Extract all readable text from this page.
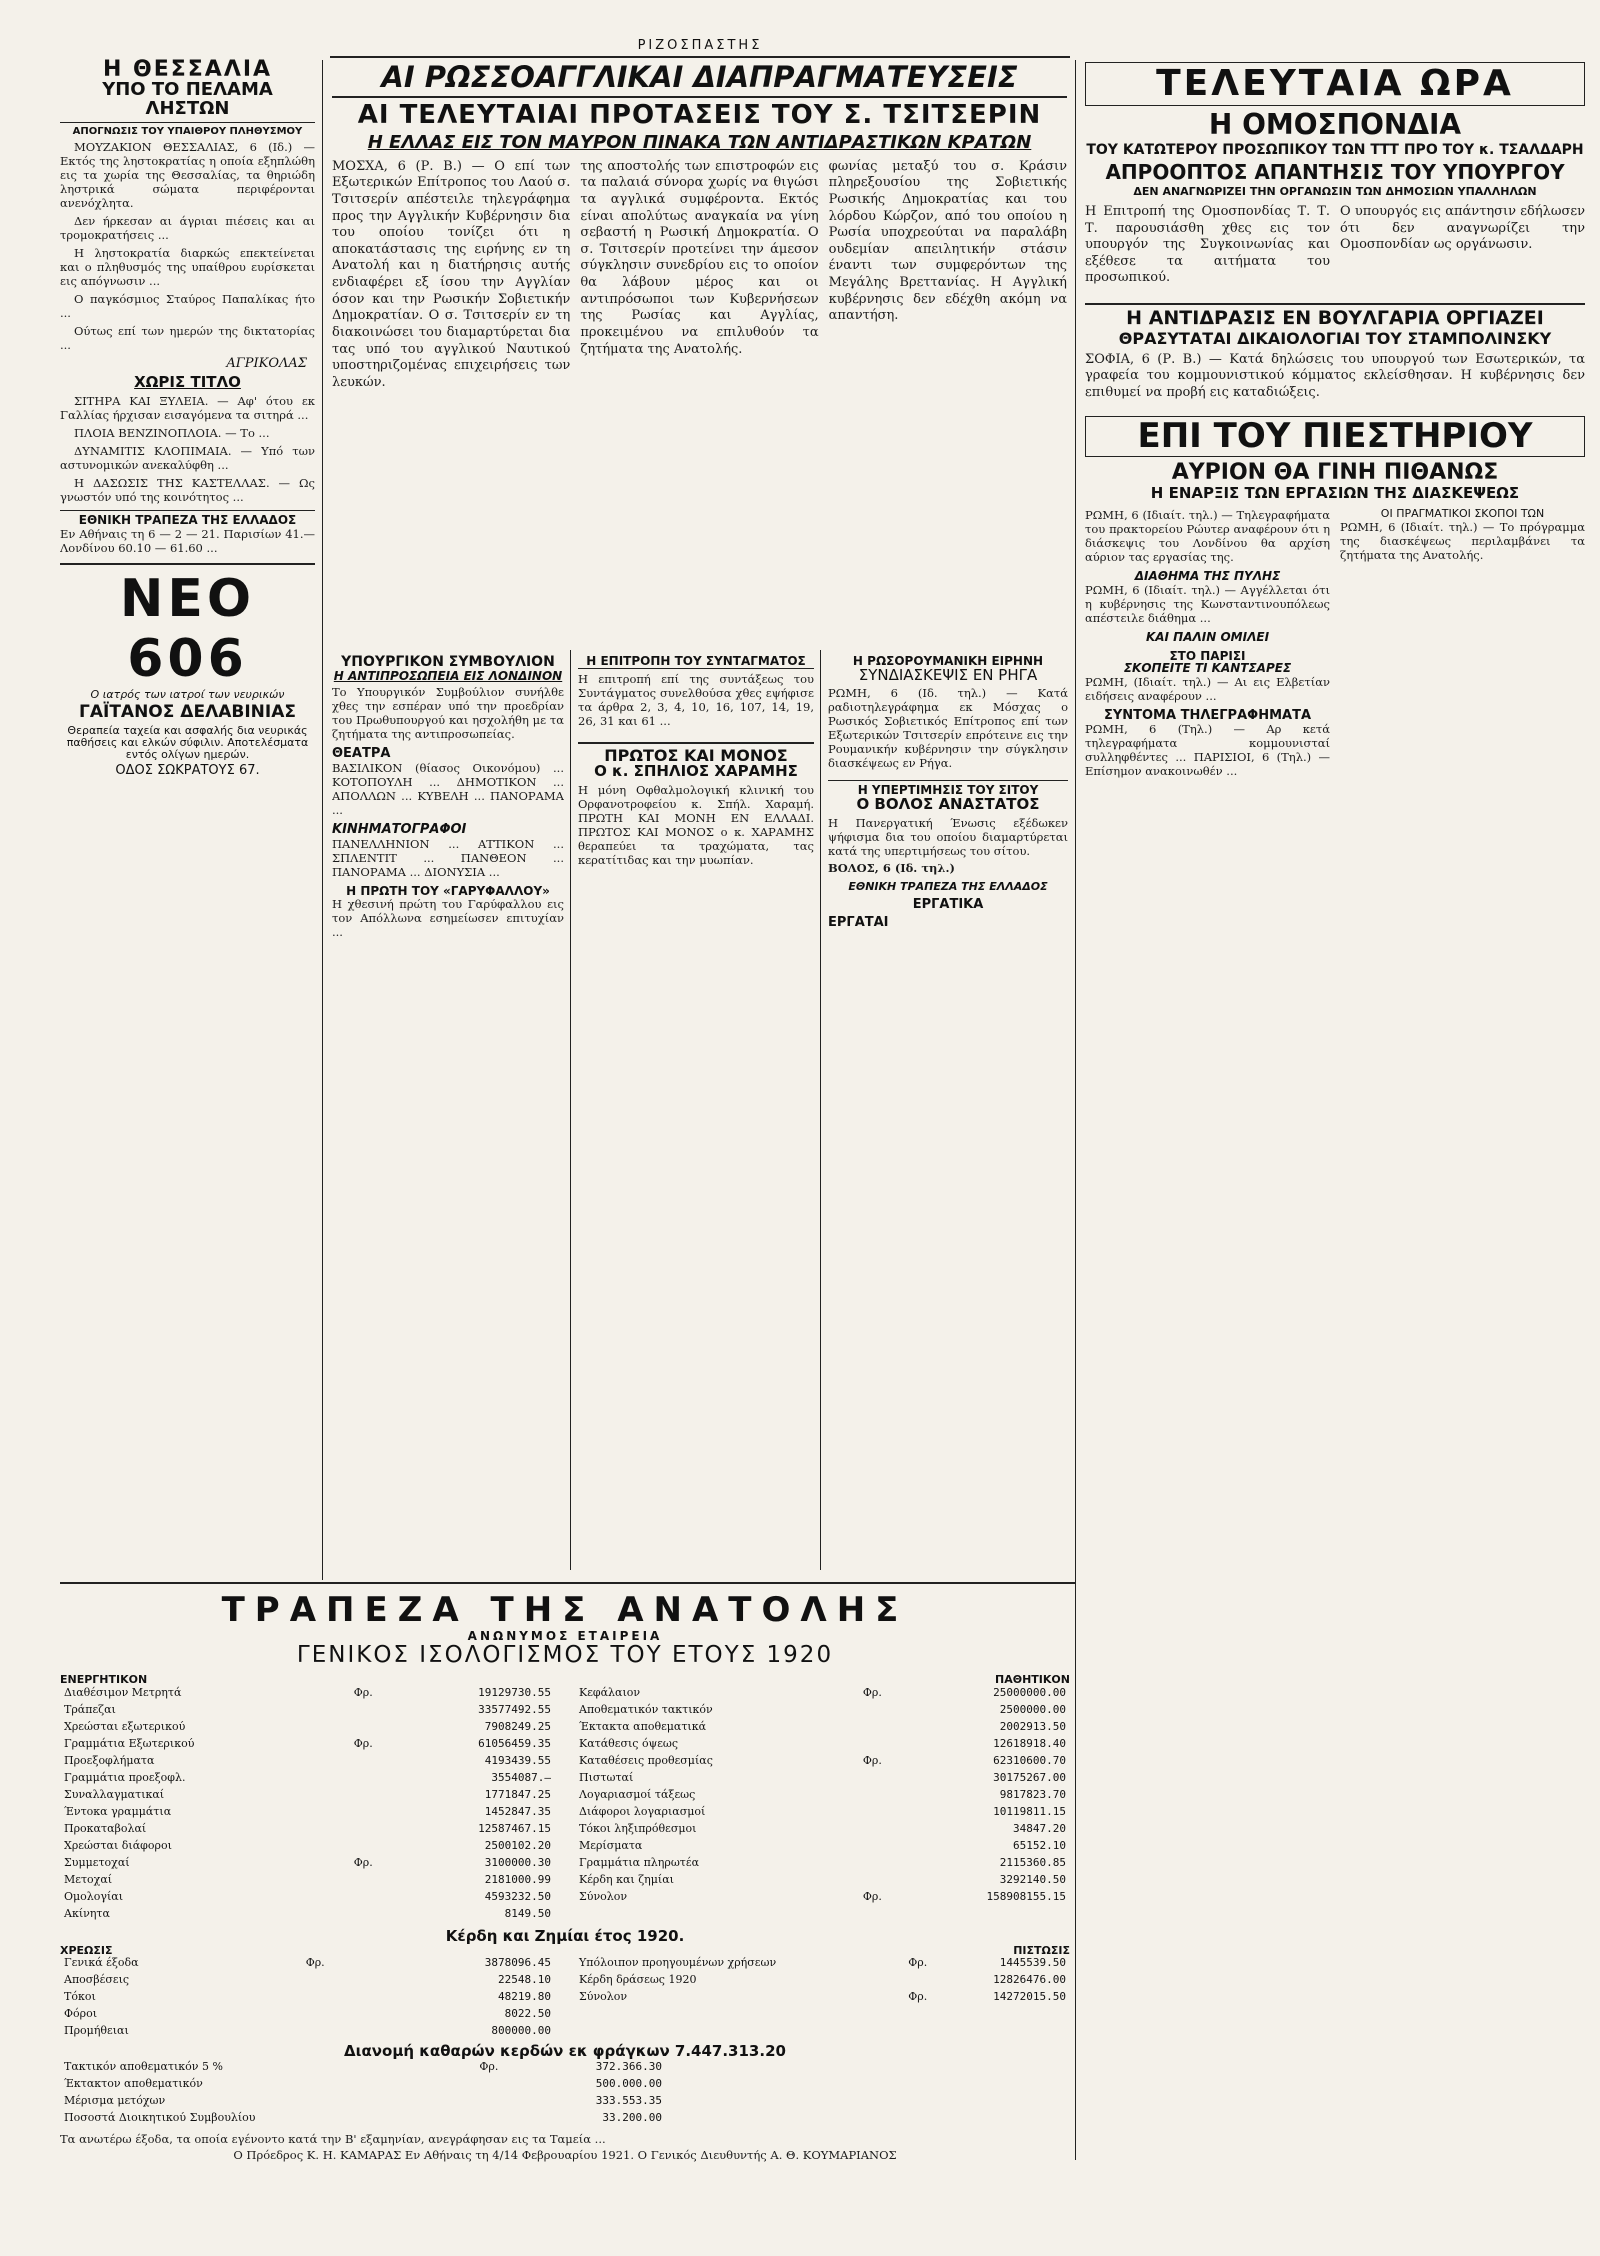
ΡΙΖΟΣΠΑΣΤΗΣ
Η ΘΕΣΣΑΛΙΑ
ΥΠΟ ΤΟ ΠΕΛΑΜΑ ΛΗΣΤΩΝ
ΑΠΟΓΝΩΣΙΣ ΤΟΥ ΥΠΑΙΘΡΟΥ ΠΛΗΘΥΣΜΟΥ

ΜΟΥΖΑΚΙΟΝ ΘΕΣΣΑΛΙΑΣ, 6 (Ιδ.) — Εκτός της ληστοκρατίας η οποία εξηπλώθη εις τα χωρία της Θεσσαλίας, τα θηριώδη ληστρικά σώματα περιφέρονται ανενόχλητα.

Δεν ήρκεσαν αι άγριαι πιέσεις και αι τρομοκρατήσεις ...

Η ληστοκρατία διαρκώς επεκτείνεται και ο πληθυσμός της υπαίθρου ευρίσκεται εις απόγνωσιν ...

Ο παγκόσμιος Σταύρος Παπαλίκας ήτο ...

Ούτως επί των ημερών της δικτατορίας ...

ΑΓΡΙΚΟΛΑΣ
ΧΩΡΙΣ ΤΙΤΛΟ

ΣΙΤΗΡΑ ΚΑΙ ΞΥΛΕΙΑ. — Αφ' ότου εκ Γαλλίας ήρχισαν εισαγόμενα τα σιτηρά ...

ΠΛΟΙΑ ΒΕΝΖΙΝΟΠΛΟΙΑ. — Το ...

ΔΥΝΑΜΙΤΙΣ ΚΛΟΠΙΜΑΙΑ. — Υπό των αστυνομικών ανεκαλύφθη ...

Η ΔΑΣΩΣΙΣ ΤΗΣ ΚΑΣΤΕΛΛΑΣ. — Ως γνωστόν υπό της κοινότητος ...

ΕΘΝΙΚΗ ΤΡΑΠΕΖΑ ΤΗΣ ΕΛΛΑΔΟΣ
Εν Αθήναις τη 6 — 2 — 21. Παρισίων 41.— Λονδίνου 60.10 — 61.60 ...
ΝΕΟ 606
Ο ιατρός των ιατροί των νευρικών
ΓΑΪΤΑΝΟΣ ΔΕΛΑΒΙΝΙΑΣ
Θεραπεία ταχεία και ασφαλής δια νευρικάς παθήσεις και ελκών σύφιλιν. Αποτελέσματα εντός ολίγων ημερών.
ΟΔΟΣ ΣΩΚΡΑΤΟΥΣ 67.
ΑΙ ΡΩΣΣΟΑΓΓΛΙΚΑΙ ΔΙΑΠΡΑΓΜΑΤΕΥΣΕΙΣ
ΑΙ ΤΕΛΕΥΤΑΙΑΙ ΠΡΟΤΑΣΕΙΣ ΤΟΥ Σ. ΤΣΙΤΣΕΡΙΝ
Η ΕΛΛΑΣ ΕΙΣ ΤΟΝ ΜΑΥΡΟΝ ΠΙΝΑΚΑ ΤΩΝ ΑΝΤΙΔΡΑΣΤΙΚΩΝ ΚΡΑΤΩΝ
ΜΟΣΧΑ, 6 (Ρ. Β.) — Ο επί των Εξωτερικών Επίτροπος του Λαού σ. Τσιτσερίν απέστειλε τηλεγράφημα προς την Αγγλικήν Κυβέρνησιν δια του οποίου τονίζει ότι η αποκατάστασις της ειρήνης εν τη Ανατολή και η διατήρησις αυτής ενδιαφέρει εξ ίσου την Αγγλίαν όσον και την Ρωσικήν Σοβιετικήν Δημοκρατίαν. Ο σ. Τσιτσερίν εν τη διακοινώσει του διαμαρτύρεται δια τας υπό του αγγλικού Ναυτικού υποστηριζομένας επιχειρήσεις των λευκών.
της αποστολής των επιστροφών εις τα παλαιά σύνορα χωρίς να θιγώσι τα αγγλικά συμφέροντα. Εκτός είναι απολύτως αναγκαία να γίνη σεβαστή η Ρωσική Δημοκρατία. Ο σ. Τσιτσερίν προτείνει την άμεσον σύγκλησιν συνεδρίου εις το οποίον θα λάβουν μέρος και οι αντιπρόσωποι των Κυβερνήσεων της Ρωσίας και Αγγλίας, προκειμένου να επιλυθούν τα ζητήματα της Ανατολής.
φωνίας μεταξύ του σ. Κράσιν πληρεξουσίου της Σοβιετικής Ρωσικής Δημοκρατίας και του λόρδου Κώρζον, από του οποίου η Ρωσία υποχρεούται να παραλάβη ουδεμίαν απειλητικήν στάσιν έναντι των συμφερόντων της Μεγάλης Βρεττανίας. Η Αγγλική κυβέρνησις δεν εδέχθη ακόμη να απαντήση.
ΥΠΟΥΡΓΙΚΟΝ ΣΥΜΒΟΥΛΙΟΝ
Η ΑΝΤΙΠΡΟΣΩΠΕΙΑ ΕΙΣ ΛΟΝΔΙΝΟΝ
Το Υπουργικόν Συμβούλιον συνήλθε χθες την εσπέραν υπό την προεδρίαν του Πρωθυπουργού και ησχολήθη με τα ζητήματα της αντιπροσωπείας.
ΘΕΑΤΡΑ
ΒΑΣΙΛΙΚΟΝ (θίασος Οικονόμου) ... ΚΟΤΟΠΟΥΛΗ ... ΔΗΜΟΤΙΚΟΝ ... ΑΠΟΛΛΩΝ ... ΚΥΒΕΛΗ ... ΠΑΝΟΡΑΜΑ ...
ΚΙΝΗΜΑΤΟΓΡΑΦΟΙ
ΠΑΝΕΛΛΗΝΙΟΝ ... ΑΤΤΙΚΟΝ ... ΣΠΛΕΝΤΙΤ ... ΠΑΝΘΕΟΝ ... ΠΑΝΟΡΑΜΑ ... ΔΙΟΝΥΣΙΑ ...
Η ΠΡΩΤΗ ΤΟΥ «ΓΑΡΥΦΑΛΛΟΥ»
Η χθεσινή πρώτη του Γαρύφαλλου εις τον Απόλλωνα εσημείωσεν επιτυχίαν ...
Η ΕΠΙΤΡΟΠΗ ΤΟΥ ΣΥΝΤΑΓΜΑΤΟΣ
Η επιτροπή επί της συντάξεως του Συντάγματος συνελθούσα χθες εψήφισε τα άρθρα 2, 3, 4, 10, 16, 107, 14, 19, 26, 31 και 61 ...
ΠΡΩΤΟΣ ΚΑΙ ΜΟΝΟΣ
Ο κ. ΣΠΗΛΙΟΣ ΧΑΡΑΜΗΣ
Η μόνη Οφθαλμολογική κλινική του Ορφανοτροφείου κ. Σπήλ. Χαραμή. ΠΡΩΤΗ ΚΑΙ ΜΟΝΗ ΕΝ ΕΛΛΑΔΙ. ΠΡΩΤΟΣ ΚΑΙ ΜΟΝΟΣ ο κ. ΧΑΡΑΜΗΣ θεραπεύει τα τραχώματα, τας κερατίτιδας και την μυωπίαν.
Η ΡΩΣΟΡΟΥΜΑΝΙΚΗ ΕΙΡΗΝΗ
ΣΥΝΔΙΑΣΚΕΨΙΣ ΕΝ ΡΗΓΑ
ΡΩΜΗ, 6 (Ιδ. τηλ.) — Κατά ραδιοτηλεγράφημα εκ Μόσχας ο Ρωσικός Σοβιετικός Επίτροπος επί των Εξωτερικών Τσιτσερίν επρότεινε εις την Ρουμανικήν κυβέρνησιν την σύγκλησιν διασκέψεως εν Ρήγα.
Η ΥΠΕΡΤΙΜΗΣΙΣ ΤΟΥ ΣΙΤΟΥ
Ο ΒΟΛΟΣ ΑΝΑΣΤΑΤΟΣ
Η Πανεργατική Ένωσις εξέδωκεν ψήφισμα δια του οποίου διαμαρτύρεται κατά της υπερτιμήσεως του σίτου.
ΒΟΛΟΣ, 6 (Ιδ. τηλ.)
ΕΘΝΙΚΗ ΤΡΑΠΕΖΑ ΤΗΣ ΕΛΛΑΔΟΣ
ΕΡΓΑΤΙΚΑ
ΕΡΓΑΤΑΙ
ΤΕΛΕΥΤΑΙΑ ΩΡΑ
Η ΟΜΟΣΠΟΝΔΙΑ
ΤΟΥ ΚΑΤΩΤΕΡΟΥ ΠΡΟΣΩΠΙΚΟΥ ΤΩΝ ΤΤΤ ΠΡΟ ΤΟΥ κ. ΤΣΑΛΔΑΡΗ
ΑΠΡΟΟΠΤΟΣ ΑΠΑΝΤΗΣΙΣ ΤΟΥ ΥΠΟΥΡΓΟΥ
ΔΕΝ ΑΝΑΓΝΩΡΙΖΕΙ ΤΗΝ ΟΡΓΑΝΩΣΙΝ ΤΩΝ ΔΗΜΟΣΙΩΝ ΥΠΑΛΛΗΛΩΝ
Η Επιτροπή της Ομοσπονδίας Τ. Τ. Τ. παρουσιάσθη χθες εις τον υπουργόν της Συγκοινωνίας και εξέθεσε τα αιτήματα του προσωπικού.
Ο υπουργός εις απάντησιν εδήλωσεν ότι δεν αναγνωρίζει την Ομοσπονδίαν ως οργάνωσιν.
Η ΑΝΤΙΔΡΑΣΙΣ ΕΝ ΒΟΥΛΓΑΡΙΑ ΟΡΓΙΑΖΕΙ
ΘΡΑΣΥΤΑΤΑΙ ΔΙΚΑΙΟΛΟΓΙΑΙ ΤΟΥ ΣΤΑΜΠΟΛΙΝΣΚΥ
ΣΟΦΙΑ, 6 (Ρ. Β.) — Κατά δηλώσεις του υπουργού των Εσωτερικών, τα γραφεία του κομμουνιστικού κόμματος εκλείσθησαν. Η κυβέρνησις δεν επιθυμεί να προβή εις καταδιώξεις.
ΕΠΙ ΤΟΥ ΠΙΕΣΤΗΡΙΟΥ
ΑΥΡΙΟΝ ΘΑ ΓΙΝΗ ΠΙΘΑΝΩΣ
Η ΕΝΑΡΞΙΣ ΤΩΝ ΕΡΓΑΣΙΩΝ ΤΗΣ ΔΙΑΣΚΕΨΕΩΣ
ΡΩΜΗ, 6 (Ιδιαίτ. τηλ.) — Τηλεγραφήματα του πρακτορείου Ρώυτερ αναφέρουν ότι η διάσκεψις του Λονδίνου θα αρχίση αύριον τας εργασίας της.
ΔΙΑΘΗΜΑ ΤΗΣ ΠΥΛΗΣ
ΡΩΜΗ, 6 (Ιδιαίτ. τηλ.) — Αγγέλλεται ότι η κυβέρνησις της Κωνσταντινουπόλεως απέστειλε διάθημα ...
ΚΑΙ ΠΑΛΙΝ ΟΜΙΛΕΙ
ΣΤΟ ΠΑΡΙΣΙ
ΣΚΟΠΕΙΤΕ ΤΙ ΚΑΝΤΣΑΡΕΣ
ΡΩΜΗ, (Ιδιαίτ. τηλ.) — Αι εις Ελβετίαν ειδήσεις αναφέρουν ...
ΣΥΝΤΟΜΑ ΤΗΛΕΓΡΑΦΗΜΑΤΑ
ΡΩΜΗ, 6 (Τηλ.) — Αρ κετά τηλεγραφήματα κομμουνισταί συλληφθέντες ... ΠΑΡΙΣΙΟΙ, 6 (Τηλ.) — Επίσημον ανακοινωθέν ...
ΟΙ ΠΡΑΓΜΑΤΙΚΟΙ ΣΚΟΠΟΙ ΤΩΝ
ΡΩΜΗ, 6 (Ιδιαίτ. τηλ.) — Το πρόγραμμα της διασκέψεως περιλαμβάνει τα ζητήματα της Ανατολής.
ΤΡΑΠΕΖΑ ΤΗΣ ΑΝΑΤΟΛΗΣ
ΑΝΩΝΥΜΟΣ ΕΤΑΙΡΕΙΑ
ΓΕΝΙΚΟΣ ΙΣΟΛΟΓΙΣΜΟΣ ΤΟΥ ΕΤΟΥΣ 1920
ΕΝΕΡΓΗΤΙΚΟΝ
Διαθέσιμον Μετρητά	Φρ.	19129730.55
Τράπεζαι		33577492.55
Χρεώσται εξωτερικού		7908249.25
Γραμμάτια Εξωτερικού	Φρ.	61056459.35
Προεξοφλήματα		4193439.55
Γραμμάτια προεξοφλ.		3554087.—
Συναλλαγματικαί		1771847.25
Έντοκα γραμμάτια		1452847.35
Προκαταβολαί		12587467.15
Χρεώσται διάφοροι		2500102.20
Συμμετοχαί	Φρ.	3100000.30
Μετοχαί		2181000.99
Ομολογίαι		4593232.50
Ακίνητα		8149.50
ΠΑΘΗΤΙΚΟΝ
Κεφάλαιον	Φρ.	25000000.00
Αποθεματικόν τακτικόν		2500000.00
Έκτακτα αποθεματικά		2002913.50
Κατάθεσις όψεως		12618918.40
Καταθέσεις προθεσμίας	Φρ.	62310600.70
Πιστωταί		30175267.00
Λογαριασμοί τάξεως		9817823.70
Διάφοροι λογαριασμοί		10119811.15
Τόκοι ληξιπρόθεσμοι		34847.20
Μερίσματα		65152.10
Γραμμάτια πληρωτέα		2115360.85
Κέρδη και ζημίαι		3292140.50
Σύνολον	Φρ.	158908155.15
Κέρδη και Ζημίαι έτος 1920.
ΧΡΕΩΣΙΣ
Γενικά έξοδα	Φρ.	3878096.45
Αποσβέσεις		22548.10
Τόκοι		48219.80
Φόροι		8022.50
Προμήθειαι		800000.00
ΠΙΣΤΩΣΙΣ
Υπόλοιπον προηγουμένων χρήσεων	Φρ.	1445539.50
Κέρδη δράσεως 1920		12826476.00
Σύνολον	Φρ.	14272015.50
Διανομή καθαρών κερδών εκ φράγκων 7.447.313.20
Τακτικόν αποθεματικόν 5 %	Φρ.	372.366.30
Έκτακτον αποθεματικόν		500.000.00
Μέρισμα μετόχων		333.553.35
Ποσοστά Διοικητικού Συμβουλίου		33.200.00
Τα ανωτέρω έξοδα, τα οποία εγένοντο κατά την Β' εξαμηνίαν, ανεγράφησαν εις τα Ταμεία ...
Ο Πρόεδρος Κ. Η. ΚΑΜΑΡΑΣ Εν Αθήναις τη 4/14 Φεβρουαρίου 1921. Ο Γενικός Διευθυντής Α. Θ. ΚΟΥΜΑΡΙΑΝΟΣ
